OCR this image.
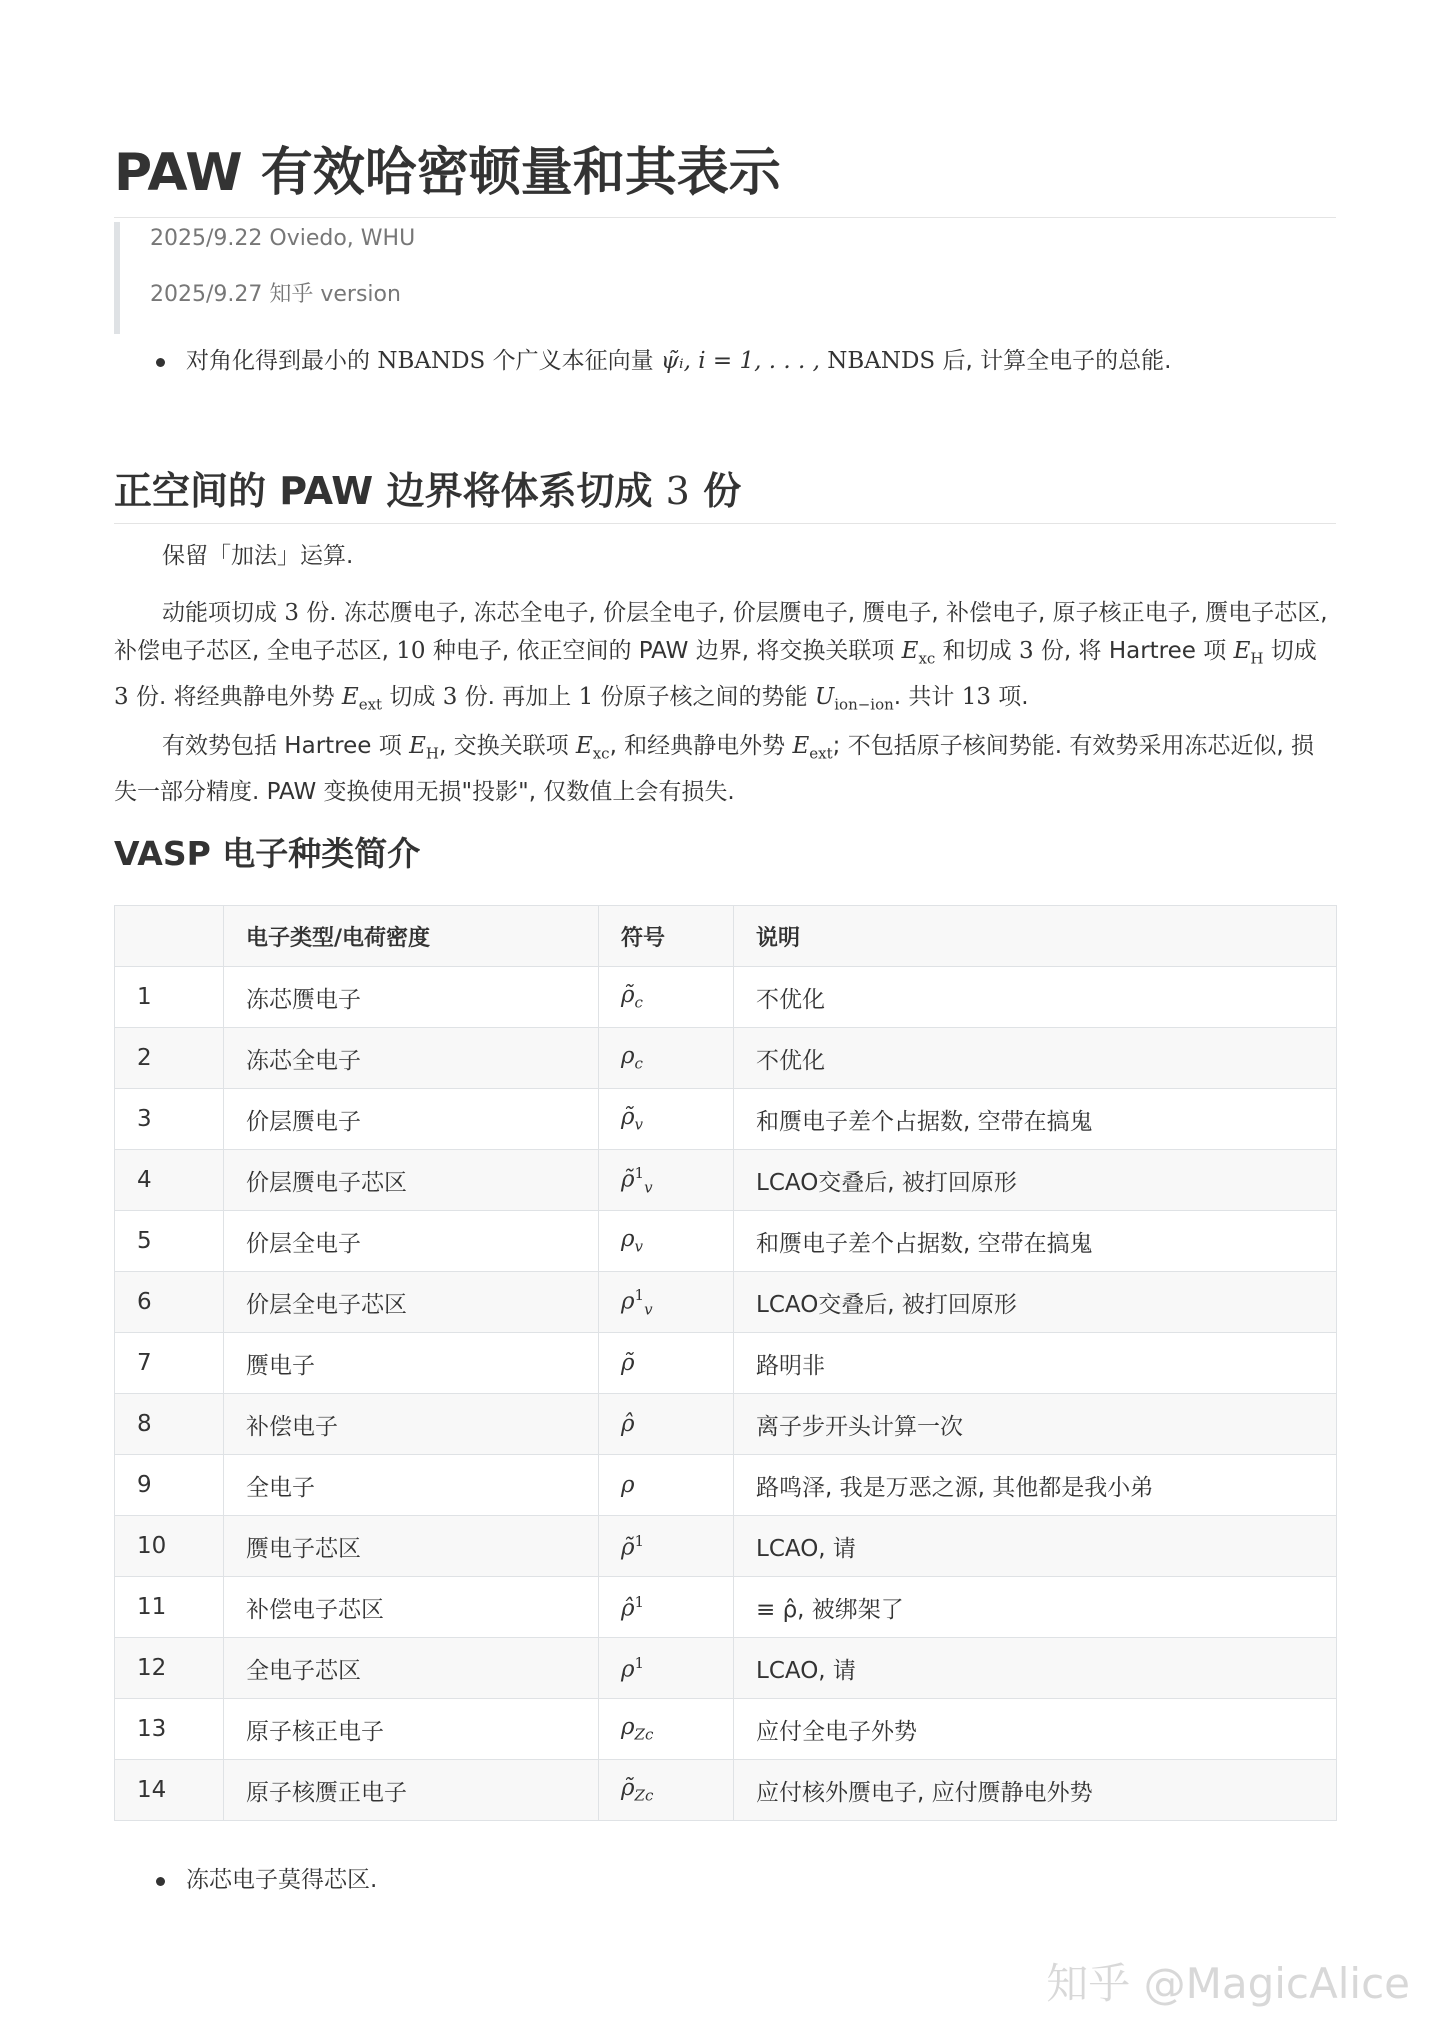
PAW 有效哈密顿量和其表示

2025/9.22 Oviedo, WHU

2025/9.27 知乎 version

对角化得到最小的 NBANDS 个广义本征向量 ψ̃ᵢ, i = 1, . . . , NBANDS 后, 计算全电子的总能.
正空间的 PAW 边界将体系切成 3 份

保留「加法」运算.

动能项切成 3 份. 冻芯赝电子, 冻芯全电子, 价层全电子, 价层赝电子, 赝电子, 补偿电子, 原子核正电子, 赝电子芯区, 补偿电子芯区, 全电子芯区, 10 种电子, 依正空间的 PAW 边界, 将交换关联项 $E_{xc}$ 和切成 3 份, 将 Hartree 项 $E_H$ 切成 3 份. 将经典静电外势 $E_{ext}$ 切成 3 份. 再加上 1 份原子核之间的势能 $U_{ion-ion}$. 共计 13 项.

有效势包括 Hartree 项 $E_H$, 交换关联项 $E_{xc}$, 和经典静电外势 $E_{ext}$; 不包括原子核间势能. 有效势采用冻芯近似, 损失一部分精度. PAW 变换使用无损"投影", 仅数值上会有损失.

VASP 电子种类简介
	电子类型/电荷密度	符号	说明
1	冻芯赝电子	$\rhõ_c$	不优化
2	冻芯全电子	$\rho_c$	不优化
3	价层赝电子	$\rhõ_v$	和赝电子差个占据数, 空带在搞鬼
4	价层赝电子芯区	ρ̃$^1_v$	LCAO交叠后, 被打回原形
5	价层全电子	$\rho_v$	和赝电子差个占据数, 空带在搞鬼
6	价层全电子芯区	$\rho^1_v$	LCAO交叠后, 被打回原形
7	赝电子	ρ̃	路明非
8	补偿电子	ρ̂	离子步开头计算一次
9	全电子	ρ	路鸣泽, 我是万恶之源, 其他都是我小弟
10	赝电子芯区	ρ̃$^1$	LCAO, 请
11	补偿电子芯区	ρ̂$^1$	≡ ρ̂, 被绑架了
12	全电子芯区	$\rho^1$	LCAO, 请
13	原子核正电子	$\rho_{Zc}$	应付全电子外势
14	原子核赝正电子	$\rhõ_{Zc}$	应付核外赝电子, 应付赝静电外势
冻芯电子莫得芯区.
知乎 @MagicAlice
